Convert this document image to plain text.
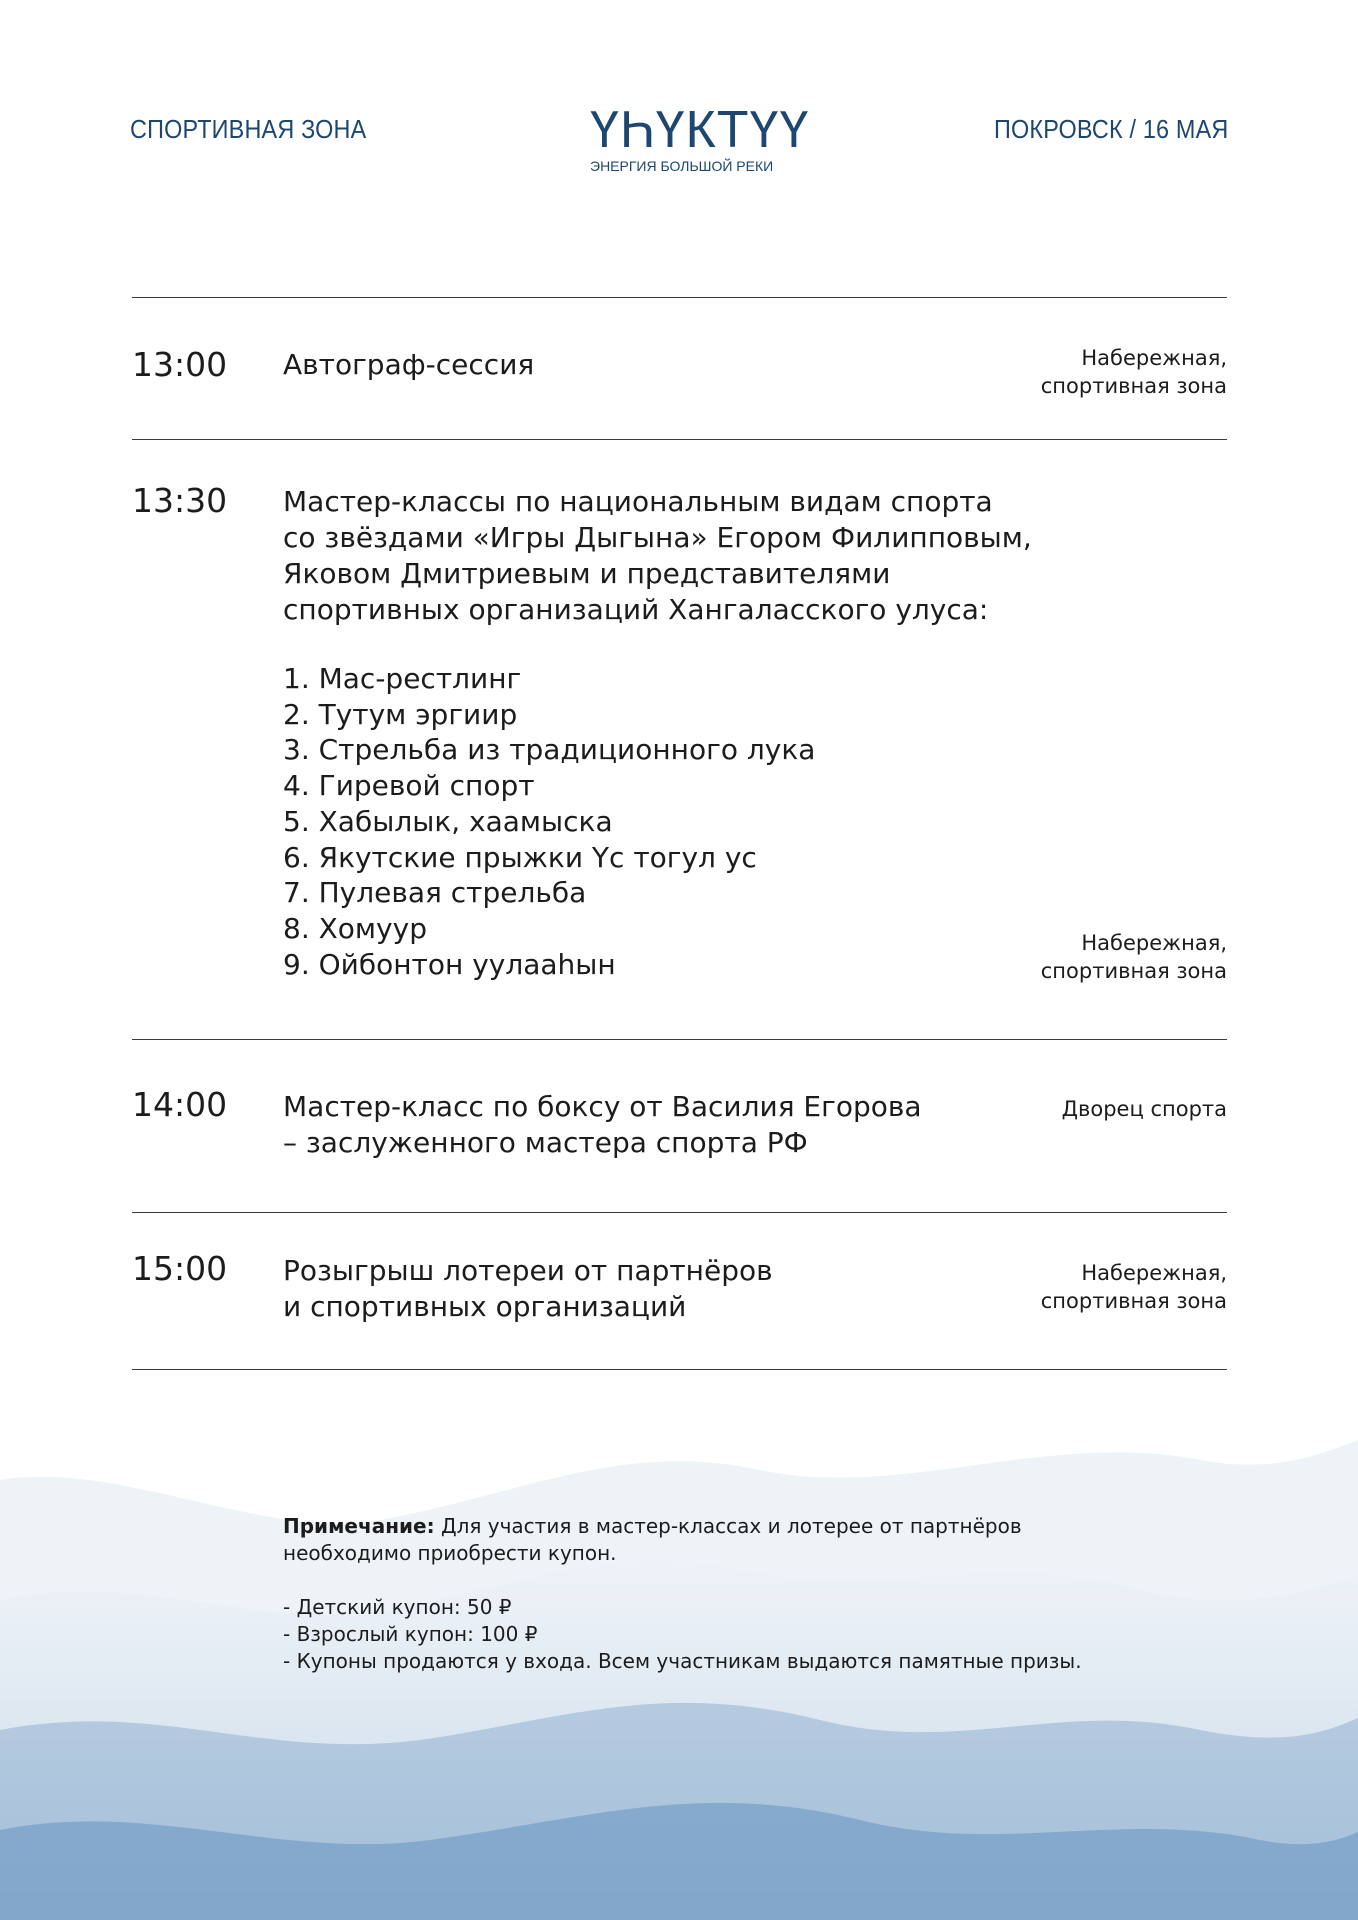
СПОРТИВНАЯ ЗОНА	ҮҺҮКТҮҮ
ЭНЕРГИЯ БОЛЬШОЙ РЕКИ
ПОКРОВСК / 16 МАЯ
13:00 Автограф-сессия	Набережная,
спортивная зона
13:30 Мастер-классы по национальным видам спорта
со звёздами «Игры Дыгына» Егором Филипповым,
Яковом Дмитриевым и представителями
спортивных организаций Хангаласского улуса:
1. Мас-рестлинг
2. Тутум эргиир
3. Стрельба из традиционного лука
4. Гиревой спорт
5. Хабылык, хаамыска
6. Якутские прыжки Үс тогул ус
7. Пулевая стрельба
8. Хомуур
9. Ойбонтон уулааһын
Набережная,
спортивная зона
14:00 Мастер-класс по боксу от Василия Егорова
– заслуженного мастера спорта РФ
Дворец спорта
15:00 Розыгрыш лотереи от партнёров
и спортивных организаций
Набережная,
спортивная зона
Примечание: Для участия в мастер-классах и лотерее от партнёров
необходимо приобрести купон.
- Детский купон: 50 ₽
- Взрослый купон: 100 ₽
- Купоны продаются у входа. Всем участникам выдаются памятные призы.
